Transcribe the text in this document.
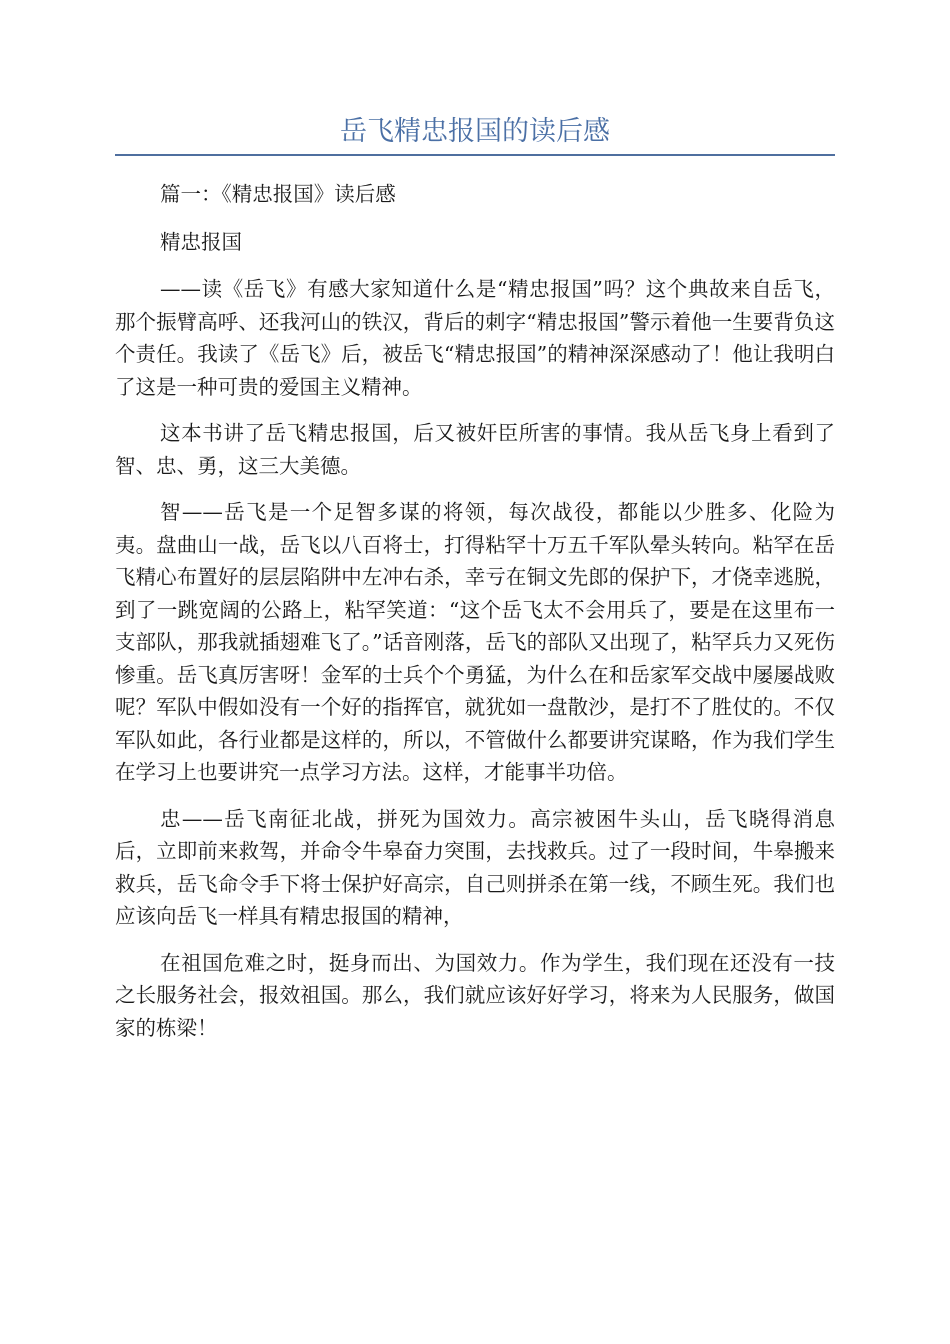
岳飞精忠报国的读后感

篇一：《精忠报国》读后感

精忠报国

——读《岳飞》有感大家知道什么是“精忠报国”吗？这个典故来自岳飞，那个振臂高呼、还我河山的铁汉，背后的刺字“精忠报国”警示着他一生要背负这个责任。我读了《岳飞》后，被岳飞“精忠报国”的精神深深感动了！他让我明白了这是一种可贵的爱国主义精神。

这本书讲了岳飞精忠报国，后又被奸臣所害的事情。我从岳飞身上看到了智、忠、勇，这三大美德。

智——岳飞是一个足智多谋的将领，每次战役，都能以少胜多、化险为夷。盘曲山一战，岳飞以八百将士，打得粘罕十万五千军队晕头转向。粘罕在岳飞精心布置好的层层陷阱中左冲右杀，幸亏在铜文先郎的保护下，才侥幸逃脱，到了一跳宽阔的公路上，粘罕笑道：“这个岳飞太不会用兵了，要是在这里布一支部队，那我就插翅难飞了。”话音刚落，岳飞的部队又出现了，粘罕兵力又死伤惨重。岳飞真厉害呀！金军的士兵个个勇猛，为什么在和岳家军交战中屡屡战败呢？军队中假如没有一个好的指挥官，就犹如一盘散沙，是打不了胜仗的。不仅军队如此，各行业都是这样的，所以，不管做什么都要讲究谋略，作为我们学生在学习上也要讲究一点学习方法。这样，才能事半功倍。

忠——岳飞南征北战，拼死为国效力。高宗被困牛头山，岳飞晓得消息后，立即前来救驾，并命令牛皋奋力突围，去找救兵。过了一段时间，牛皋搬来救兵，岳飞命令手下将士保护好高宗，自己则拼杀在第一线，不顾生死。我们也应该向岳飞一样具有精忠报国的精神，

在祖国危难之时，挺身而出、为国效力。作为学生，我们现在还没有一技之长服务社会，报效祖国。那么，我们就应该好好学习，将来为人民服务，做国家的栋梁！
